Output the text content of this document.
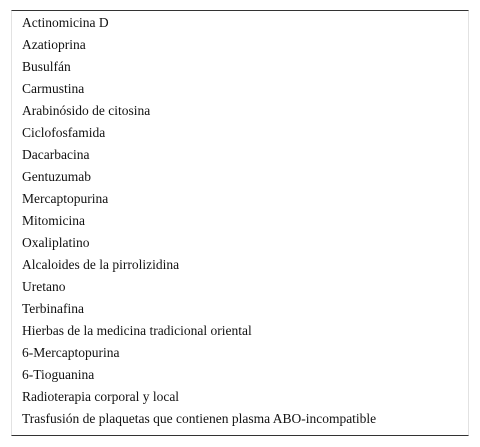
Actinomicina D
Azatioprina
Busulfán
Carmustina
Arabinósido de citosina
Ciclofosfamida
Dacarbacina
Gentuzumab
Mercaptopurina
Mitomicina
Oxaliplatino
Alcaloides de la pirrolizidina
Uretano
Terbinafina
Hierbas de la medicina tradicional oriental
6-Mercaptopurina
6-Tioguanina
Radioterapia corporal y local
Trasfusión de plaquetas que contienen plasma ABO-incompatible
